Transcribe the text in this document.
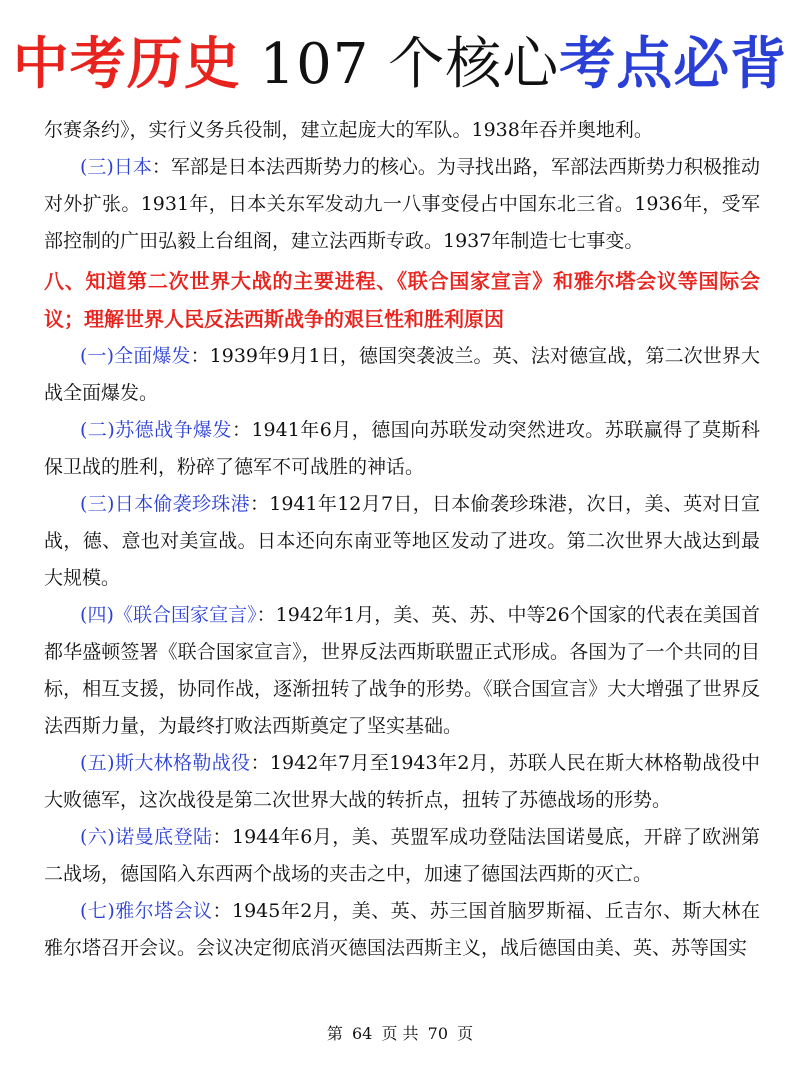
中考历史 107 个核心考点必背

尔赛条约》，实行义务兵役制，建立起庞大的军队。1938年吞并奥地利。

(三)日本：军部是日本法西斯势力的核心。为寻找出路，军部法西斯势力积极推动对外扩张。1931年，日本关东军发动九一八事变侵占中国东北三省。1936年，受军部控制的广田弘毅上台组阁，建立法西斯专政。1937年制造七七事变。

八、知道第二次世界大战的主要进程、《联合国家宣言》和雅尔塔会议等国际会议；理解世界人民反法西斯战争的艰巨性和胜利原因

(一)全面爆发：1939年9月1日，德国突袭波兰。英、法对德宣战，第二次世界大战全面爆发。

(二)苏德战争爆发：1941年6月，德国向苏联发动突然进攻。苏联赢得了莫斯科保卫战的胜利，粉碎了德军不可战胜的神话。

(三)日本偷袭珍珠港：1941年12月7日，日本偷袭珍珠港，次日，美、英对日宣战，德、意也对美宣战。日本还向东南亚等地区发动了进攻。第二次世界大战达到最大规模。

(四)《联合国家宣言》：1942年1月，美、英、苏、中等26个国家的代表在美国首都华盛顿签署《联合国家宣言》，世界反法西斯联盟正式形成。各国为了一个共同的目标，相互支援，协同作战，逐渐扭转了战争的形势。《联合国宣言》大大增强了世界反法西斯力量，为最终打败法西斯奠定了坚实基础。

(五)斯大林格勒战役：1942年7月至1943年2月，苏联人民在斯大林格勒战役中大败德军，这次战役是第二次世界大战的转折点，扭转了苏德战场的形势。

(六)诺曼底登陆：1944年6月，美、英盟军成功登陆法国诺曼底，开辟了欧洲第二战场，德国陷入东西两个战场的夹击之中，加速了德国法西斯的灭亡。

(七)雅尔塔会议：1945年2月，美、英、苏三国首脑罗斯福、丘吉尔、斯大林在雅尔塔召开会议。会议决定彻底消灭德国法西斯主义，战后德国由美、英、苏等国实

第 64 页 共 70 页
